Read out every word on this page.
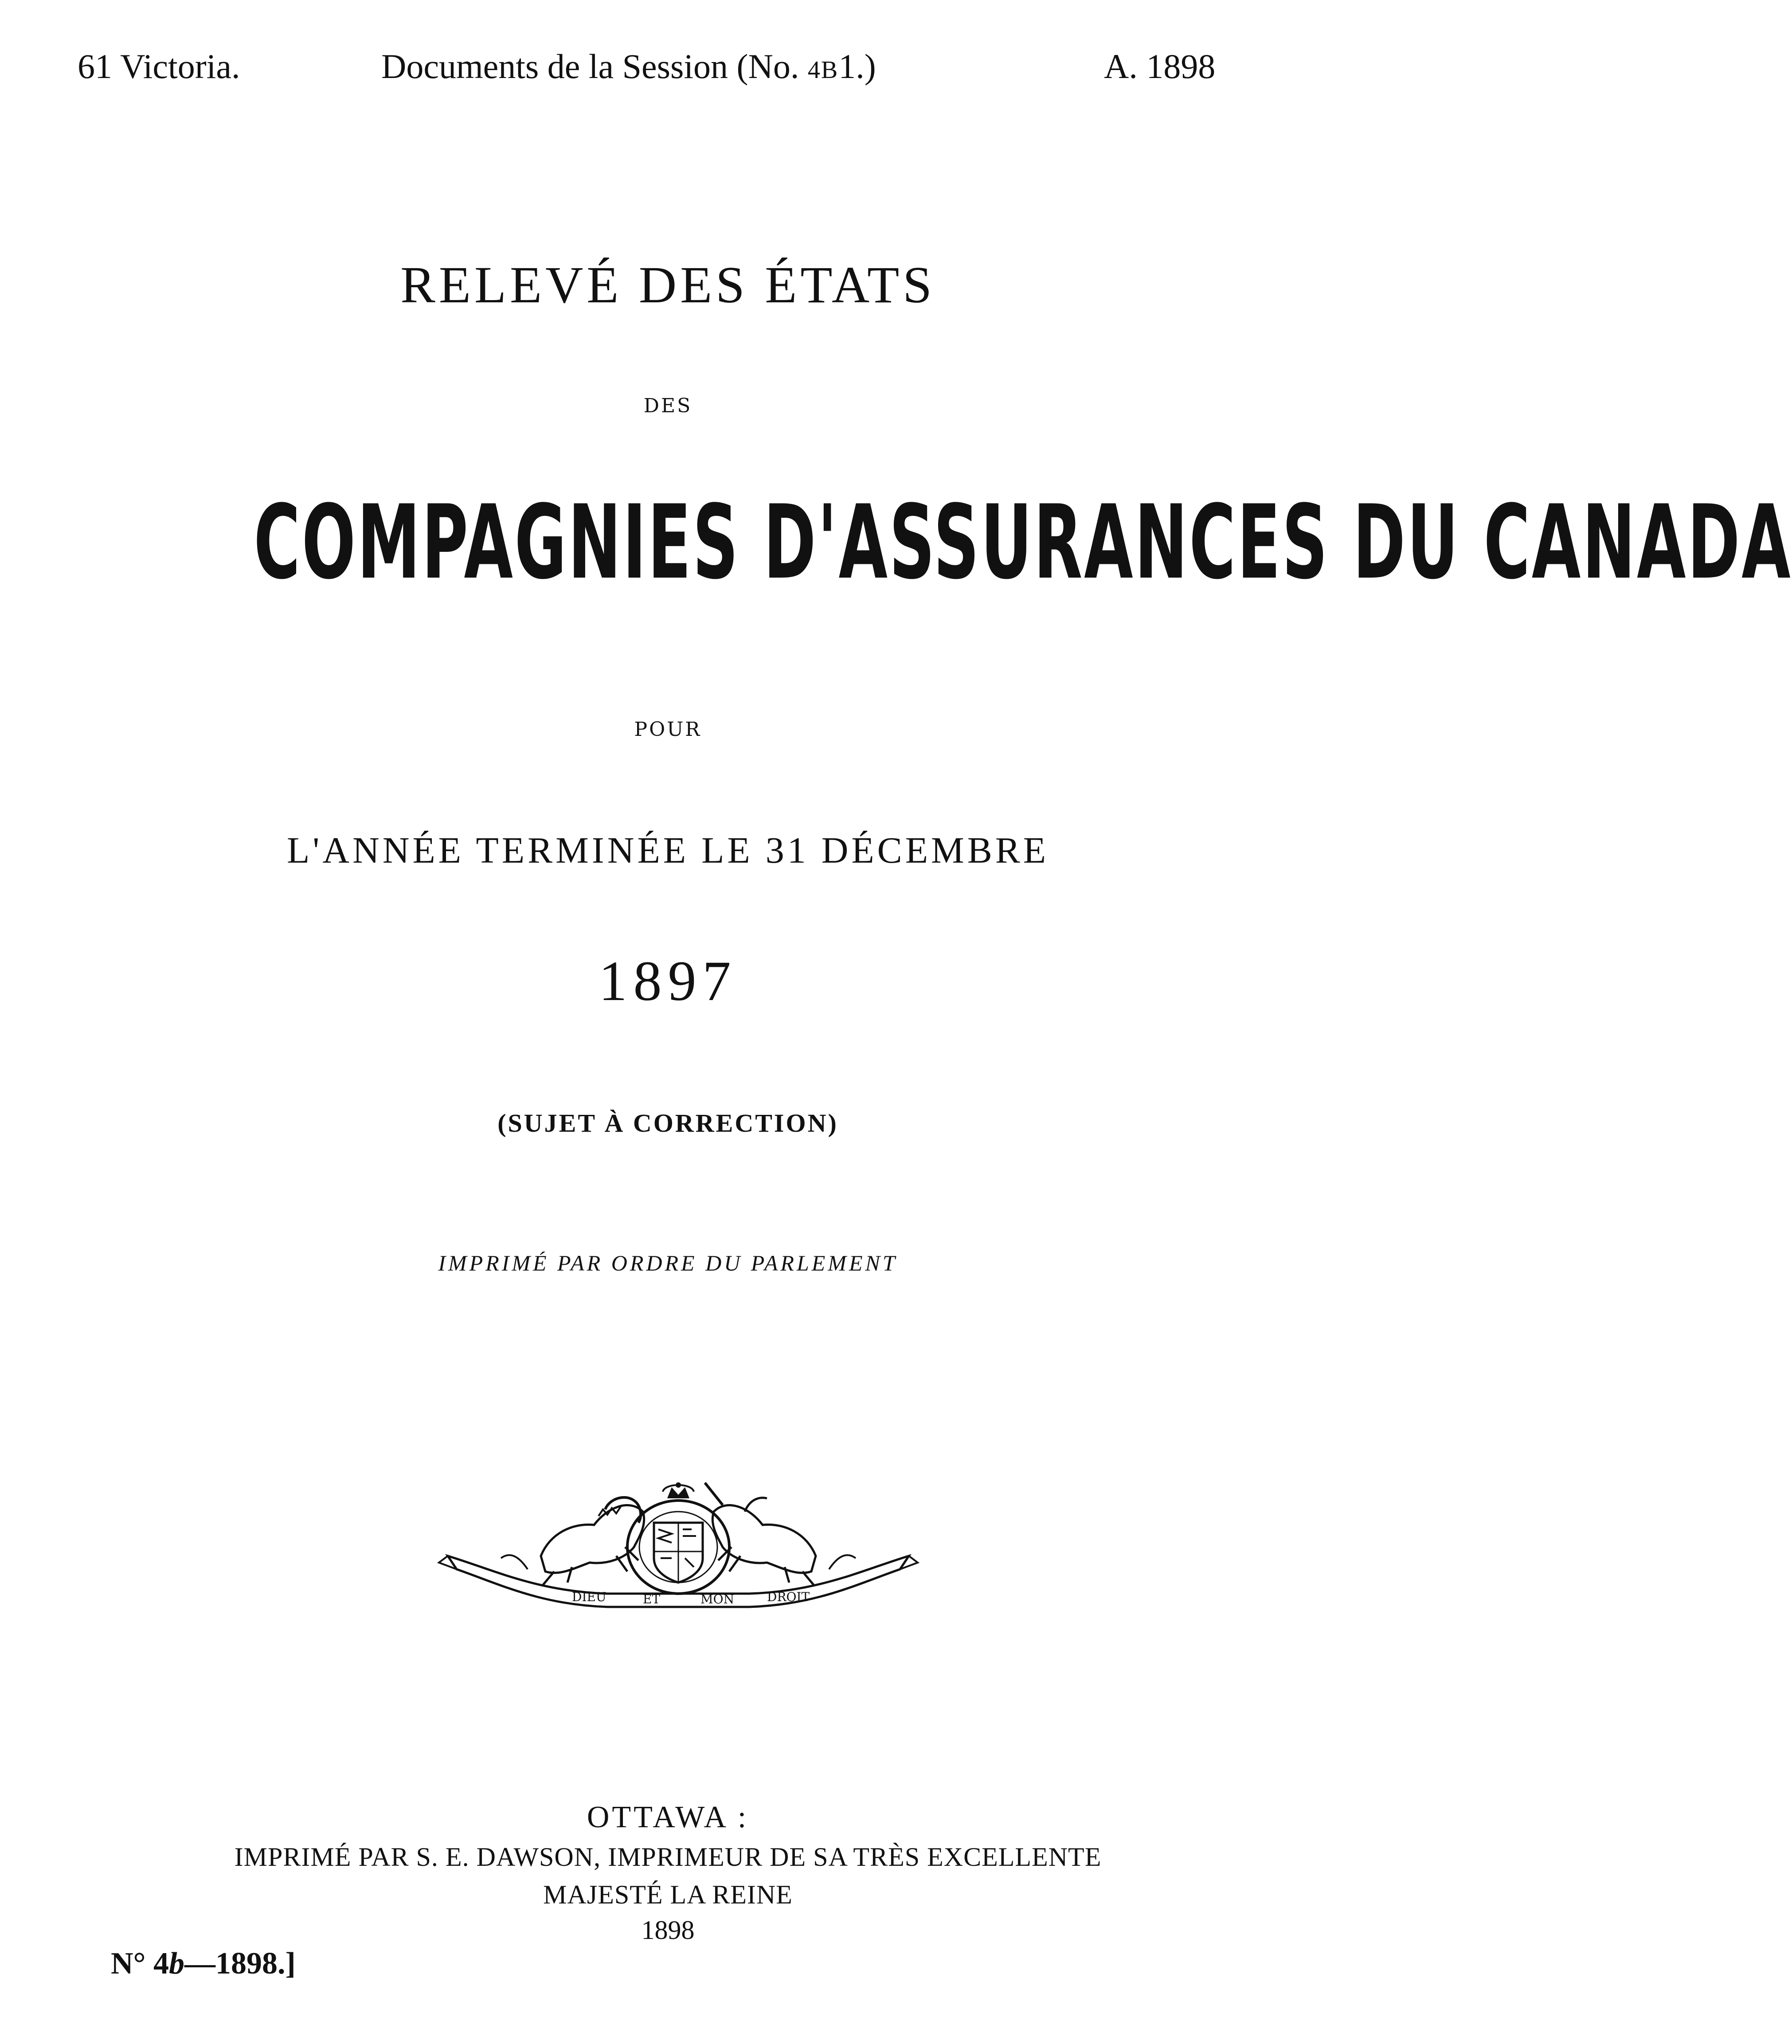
61 Victoria.	Documents de la Session (No. 4B1.)	A. 1898
RELEVÉ DES ÉTATS
DES
COMPAGNIES D'ASSURANCES DU CANADA
POUR
L'ANNÉE TERMINÉE LE 31 DÉCEMBRE
1897
(SUJET À CORRECTION)
IMPRIMÉ PAR ORDRE DU PARLEMENT
DIEU	ET	MON	DROIT
OTTAWA :
IMPRIMÉ PAR S. E. DAWSON, IMPRIMEUR DE SA TRÈS EXCELLENTE
MAJESTÉ LA REINE
1898
N° 4b—1898.]
